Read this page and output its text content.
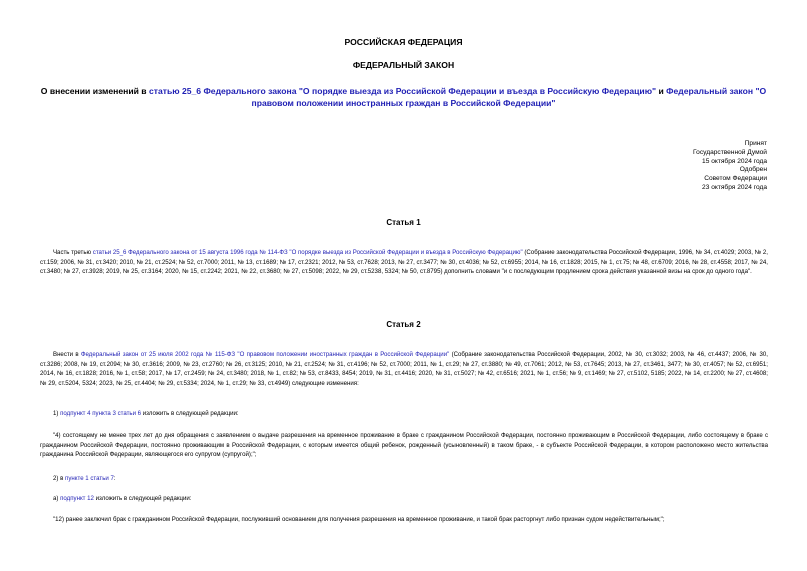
РОССИЙСКАЯ ФЕДЕРАЦИЯ
ФЕДЕРАЛЬНЫЙ ЗАКОН
О внесении изменений в статью 25_6 Федерального закона "О порядке выезда из Российской Федерации и въезда в Российскую Федерацию" и Федеральный закон "О правовом положении иностранных граждан в Российской Федерации"
Принят
Государственной Думой
15 октября 2024 года
Одобрен
Советом Федерации
23 октября 2024 года
Статья 1
Часть третью статьи 25_6 Федерального закона от 15 августа 1996 года № 114-ФЗ "О порядке выезда из Российской Федерации и въезда в Российскую Федерацию" (Собрание законодательства Российской Федерации, 1996, № 34, ст.4029; 2003, № 2, ст.159; 2006, № 31, ст.3420; 2010, № 21, ст.2524; № 52, ст.7000; 2011, № 13, ст.1689; № 17, ст.2321; 2012, № 53, ст.7628; 2013, № 27, ст.3477; № 30, ст.4036; № 52, ст.6955; 2014, № 16, ст.1828; 2015, № 1, ст.75; № 48, ст.6709; 2016, № 28, ст.4558; 2017, № 24, ст.3480; № 27, ст.3928; 2019, № 25, ст.3164; 2020, № 15, ст.2242; 2021, № 22, ст.3680; № 27, ст.5098; 2022, № 29, ст.5238, 5324; № 50, ст.8795) дополнить словами "и с последующим продлением срока действия указанной визы на срок до одного года".
Статья 2
Внести в Федеральный закон от 25 июля 2002 года № 115-ФЗ "О правовом положении иностранных граждан в Российской Федерации" (Собрание законодательства Российской Федерации, 2002, № 30, ст.3032; 2003, № 46, ст.4437; 2006, № 30, ст.3286; 2008, № 19, ст.2094; № 30, ст.3616; 2009, № 23, ст.2760; № 26, ст.3125; 2010, № 21, ст.2524; № 31, ст.4196; № 52, ст.7000; 2011, № 1, ст.29; № 27, ст.3880; № 49, ст.7061; 2012, № 53, ст.7645; 2013, № 27, ст.3461, 3477; № 30, ст.4057; № 52, ст.6951; 2014, № 16, ст.1828; 2016, № 1, ст.58; 2017, № 17, ст.2459; № 24, ст.3480; 2018, № 1, ст.82; № 53, ст.8433, 8454; 2019, № 31, ст.4416; 2020, № 31, ст.5027; № 42, ст.6516; 2021, № 1, ст.56; № 9, ст.1469; № 27, ст.5102, 5185; 2022, № 14, ст.2200; № 27, ст.4608; № 29, ст.5204, 5324; 2023, № 25, ст.4404; № 29, ст.5334; 2024, № 1, ст.29; № 33, ст.4949) следующие изменения:
1) подпункт 4 пункта 3 статьи 6 изложить в следующей редакции:
"4) состоящему не менее трех лет до дня обращения с заявлением о выдаче разрешения на временное проживание в браке с гражданином Российской Федерации, постоянно проживающим в Российской Федерации, либо состоящему в браке с гражданином Российской Федерации, постоянно проживающим в Российской Федерации, с которым имеется общий ребенок, рожденный (усыновленный) в таком браке, - в субъекте Российской Федерации, в котором расположено место жительства гражданина Российской Федерации, являющегося его супругом (супругой);";
2) в пункте 1 статьи 7:
а) подпункт 12 изложить в следующей редакции:
"12) ранее заключил брак с гражданином Российской Федерации, послуживший основанием для получения разрешения на временное проживание, и такой брак расторгнут либо признан судом недействительным;";
